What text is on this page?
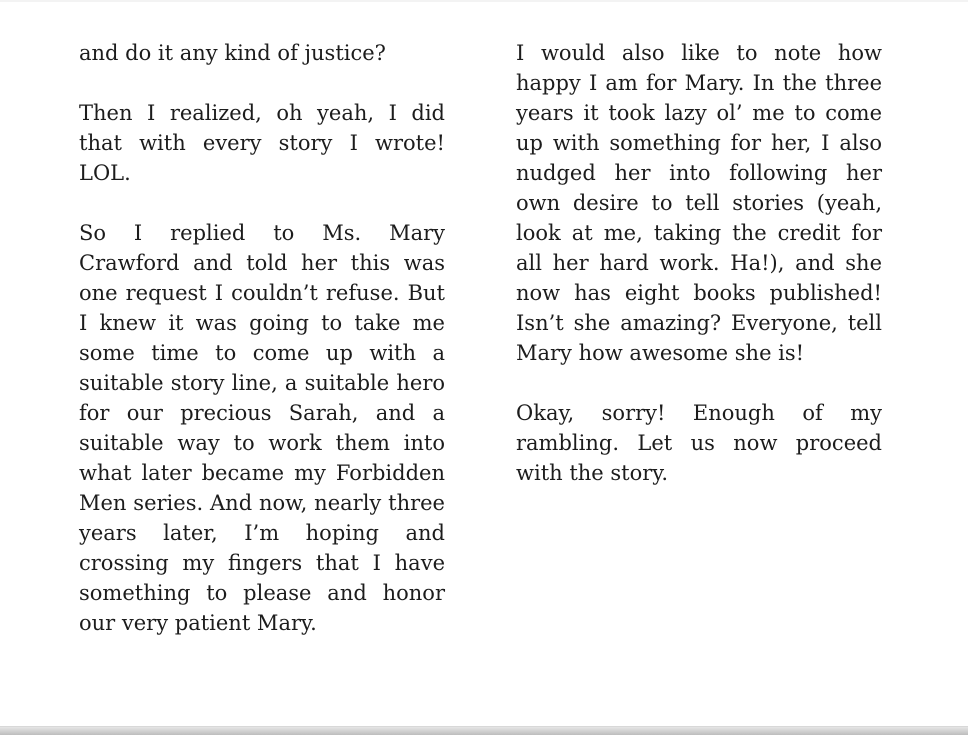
and do it any kind of justice?

Then I realized, oh yeah, I did that with every story I wrote! LOL.

So I replied to Ms. Mary Crawford and told her this was one request I couldn’t refuse. But I knew it was going to take me some time to come up with a suitable story line, a suitable hero for our precious Sarah, and a suitable way to work them into what later became my Forbidden Men series. And now, nearly three years later, I’m hoping and crossing my fingers that I have something to please and honor our very patient Mary.

I would also like to note how happy I am for Mary. In the three years it took lazy ol’ me to come up with something for her, I also nudged her into following her own desire to tell stories (yeah, look at me, taking the credit for all her hard work. Ha!), and she now has eight books published! Isn’t she amazing? Everyone, tell Mary how awesome she is!

Okay, sorry! Enough of my rambling. Let us now proceed with the story.
